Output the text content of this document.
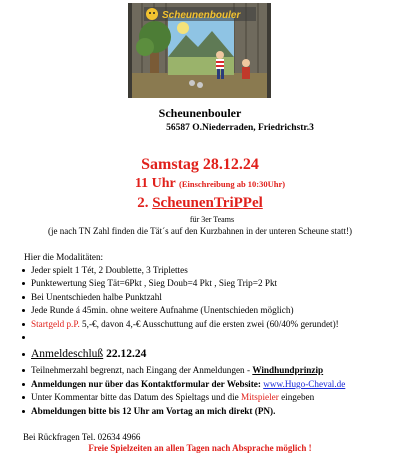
Scheunenbouler
Scheunenbouler
56587 O.Niederraden, Friedrichstr.3
Samstag 28.12.24
11 Uhr (Einschreibung ab 10:30Uhr)
2. ScheunenTriPPel
für 3er Teams
(je nach TN Zahl finden die Tät´s auf den Kurzbahnen in der unteren Scheune statt!)
Hier die Modalitäten:
Jeder spielt 1 Tét, 2 Doublette, 3 Triplettes
Punktewertung Sieg Tät=6Pkt , Sieg Doub=4 Pkt , Sieg Trip=2 Pkt
Bei Unentschieden halbe Punktzahl
Jede Runde á 45min. ohne weitere Aufnahme (Unentschieden möglich)
Startgeld p.P. 5,-€, davon 4,-€ Ausschuttung auf die ersten zwei (60/40% gerundet)!

Anmeldeschluß 22.12.24
Teilnehmerzahl begrenzt, nach Eingang der Anmeldungen - Windhundprinzip
Anmeldungen nur über das Kontaktformular der Website: www.Hugo-Cheval.de
Unter Kommentar bitte das Datum des Spieltags und die Mitspieler eingeben
Abmeldungen bitte bis 12 Uhr am Vortag an mich direkt (PN).
Bei Rückfragen Tel. 02634 4966
Freie Spielzeiten an allen Tagen nach Absprache möglich !
